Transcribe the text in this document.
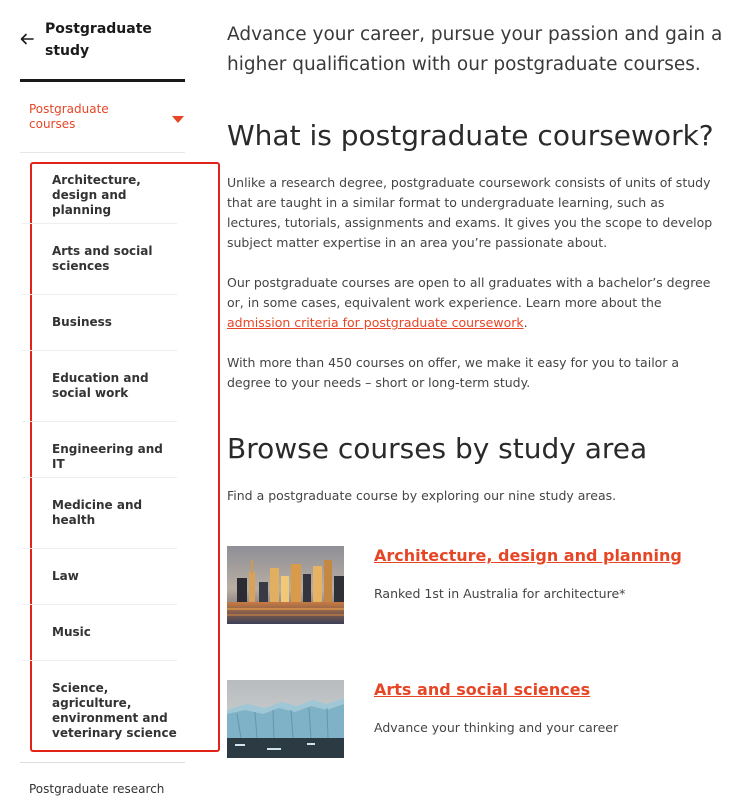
Postgraduate study
Postgraduate courses
Architecture, design and planning
Arts and social sciences
Business
Education and social work
Engineering and IT
Medicine and health
Law
Music
Science, agriculture, environment and veterinary science
Postgraduate research

Advance your career, pursue your passion and gain a higher qualification with our postgraduate courses.

What is postgraduate coursework?

Unlike a research degree, postgraduate coursework consists of units of study that are taught in a similar format to undergraduate learning, such as lectures, tutorials, assignments and exams. It gives you the scope to develop subject matter expertise in an area you’re passionate about.

Our postgraduate courses are open to all graduates with a bachelor’s degree or, in some cases, equivalent work experience. Learn more about the admission criteria for postgraduate coursework.

With more than 450 courses on offer, we make it easy for you to tailor a degree to your needs – short or long-term study.

Browse courses by study area

Find a postgraduate course by exploring our nine study areas.

Architecture, design and planning
Ranked 1st in Australia for architecture*
Arts and social sciences
Advance your thinking and your career
